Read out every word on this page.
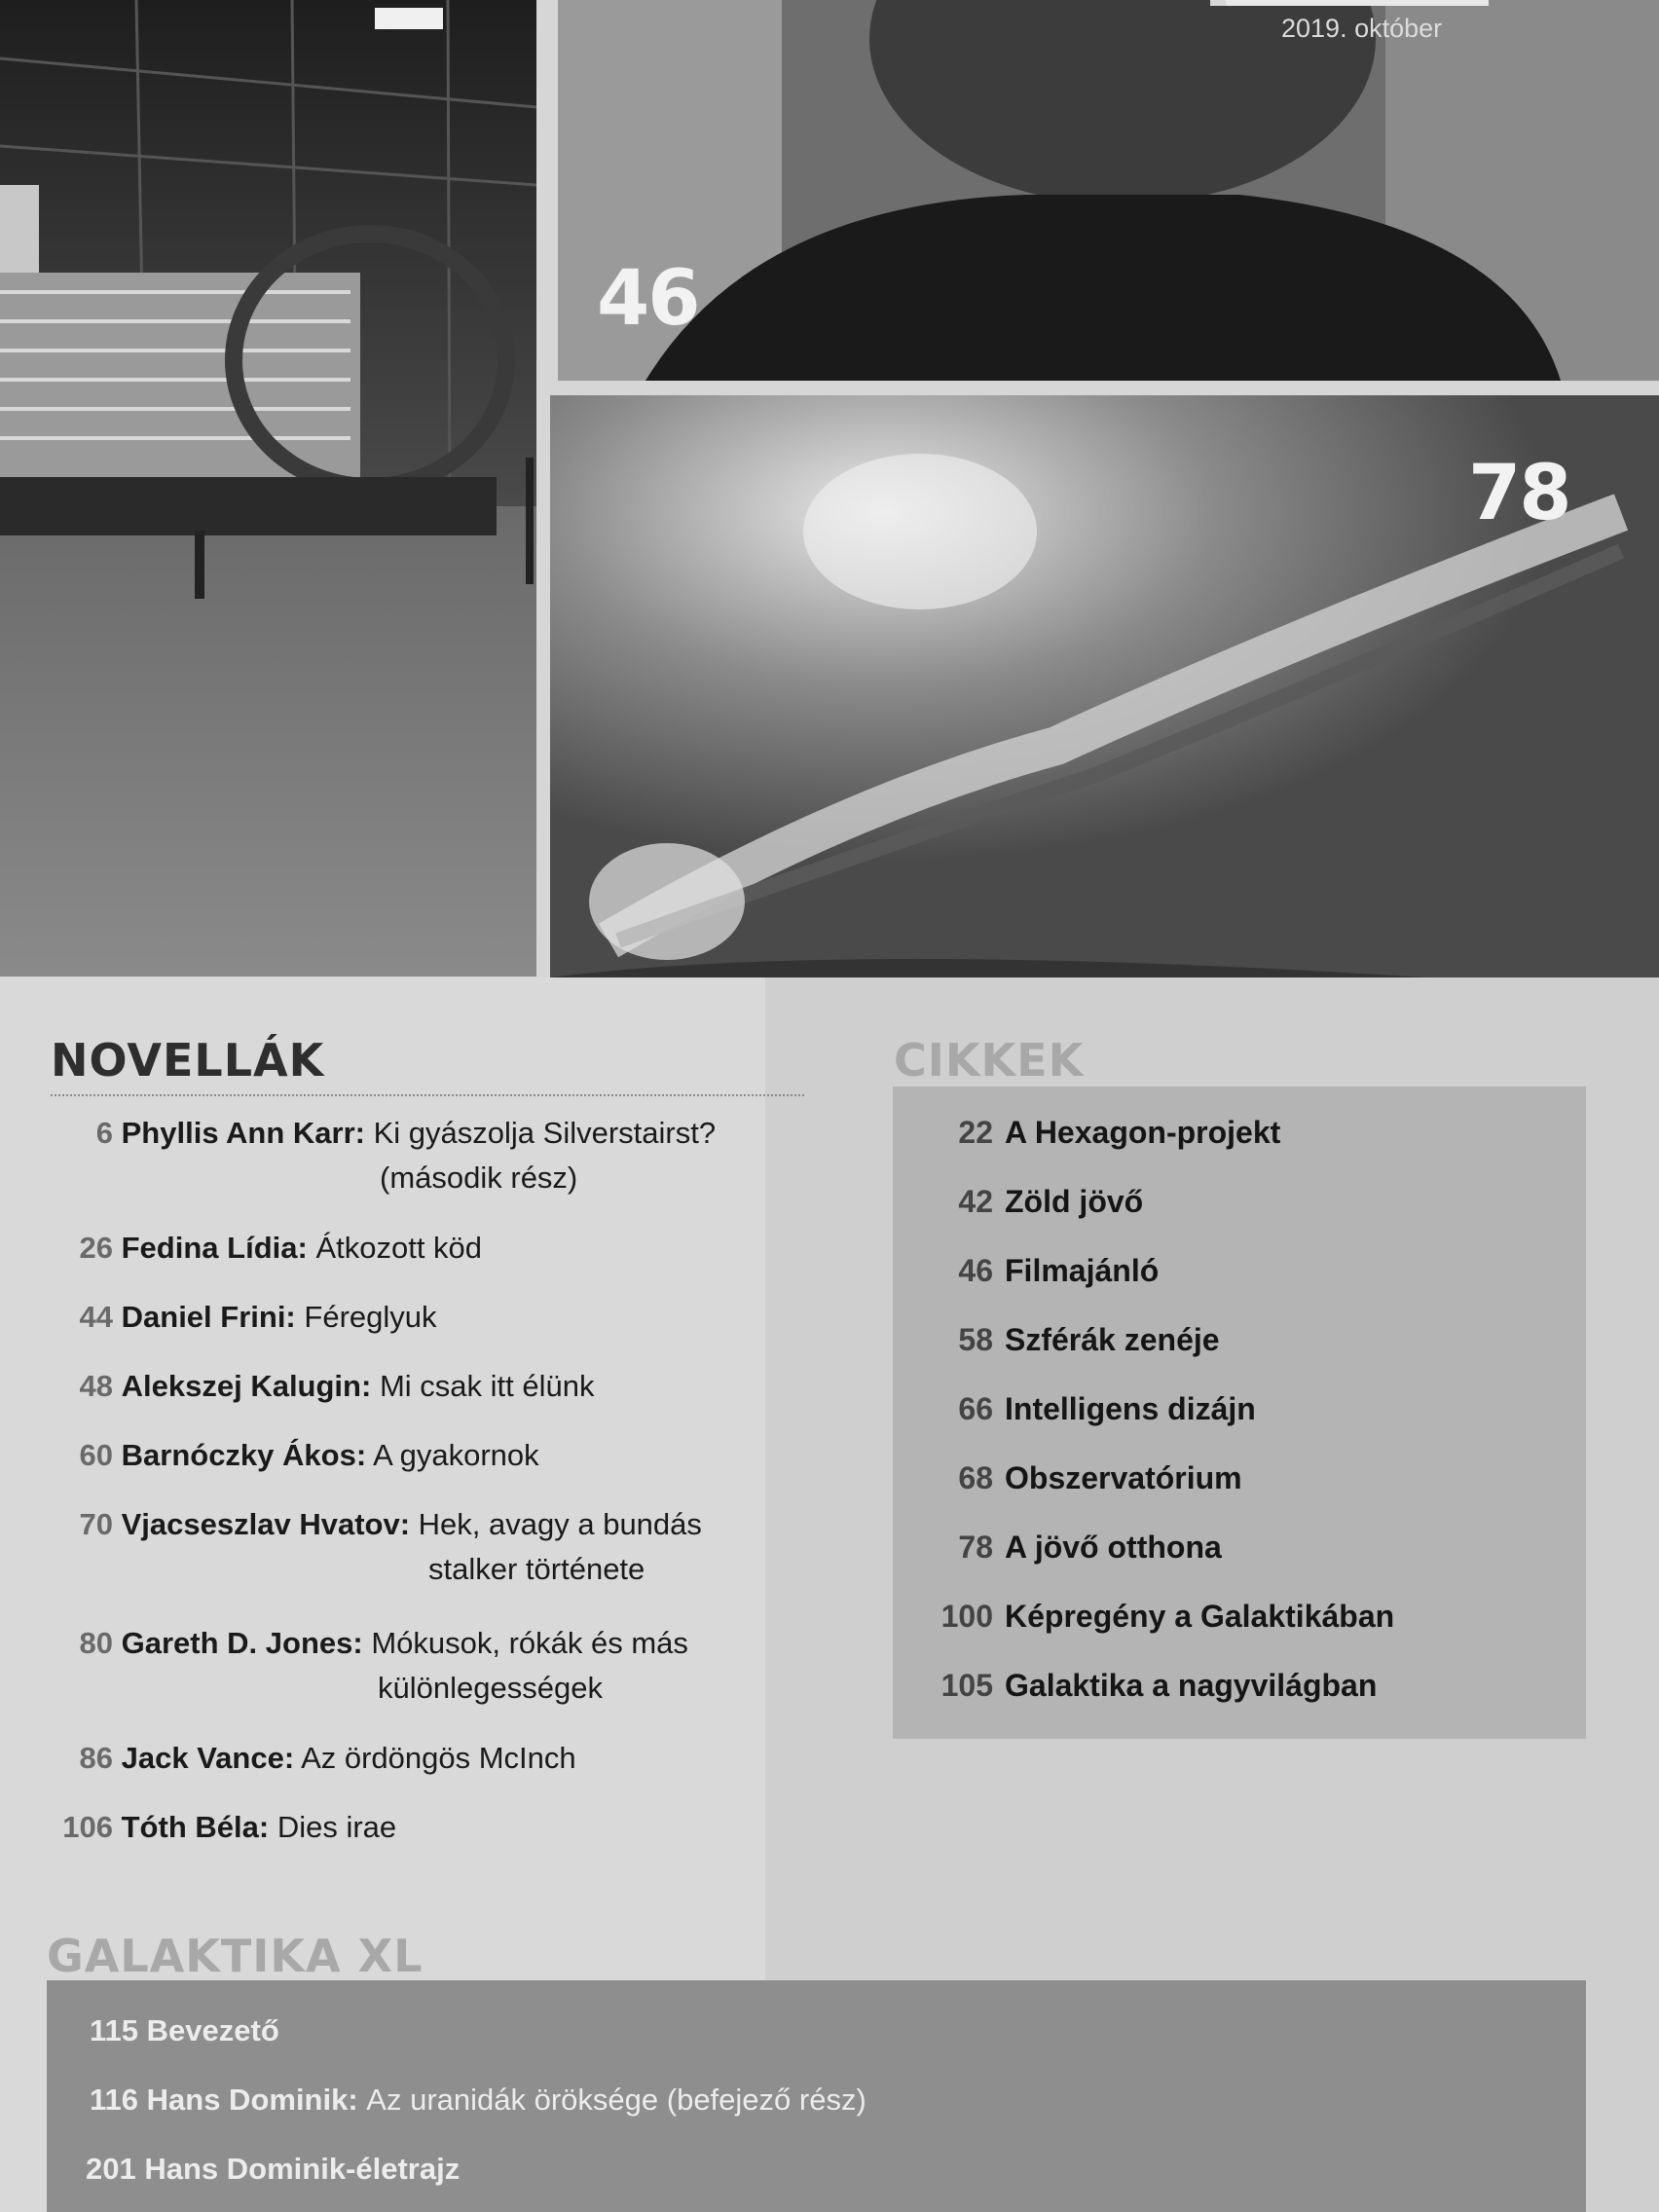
2019. október
46
78
NOVELLÁK
6 Phyllis Ann Karr: Ki gyászolja Silverstairst?
(második rész)
26 Fedina Lídia: Átkozott köd
44 Daniel Frini: Féreglyuk
48 Alekszej Kalugin: Mi csak itt élünk
60 Barnóczky Ákos: A gyakornok
70 Vjacseszlav Hvatov: Hek, avagy a bundás
stalker története
80 Gareth D. Jones: Mókusok, rókák és más
különlegességek
86 Jack Vance: Az ördöngös McInch
106 Tóth Béla: Dies irae
CIKKEK
22 A Hexagon-projekt
42 Zöld jövő
46 Filmajánló
58 Szférák zenéje
66 Intelligens dizájn
68 Obszervatórium
78 A jövő otthona
100 Képregény a Galaktikában
105 Galaktika a nagyvilágban
GALAKTIKA XL
115 Bevezető
116 Hans Dominik: Az uranidák öröksége (befejező rész)
201 Hans Dominik-életrajz
